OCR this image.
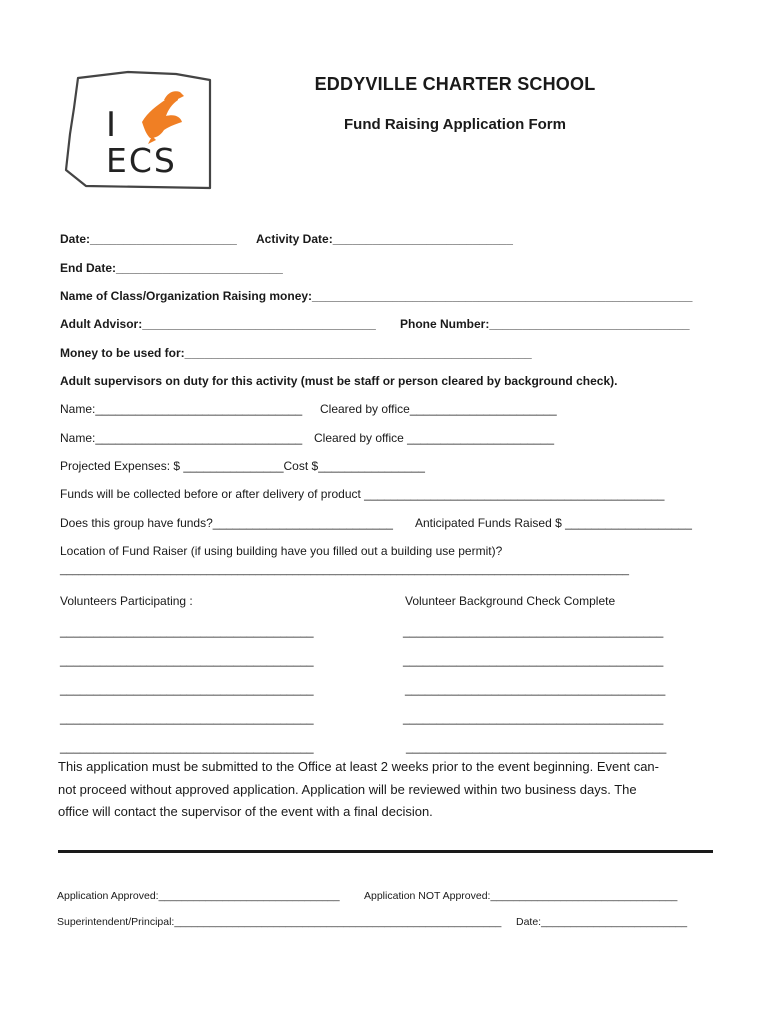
I
ECS
EDDYVILLE CHARTER SCHOOL
Fund Raising Application Form
Date:______________________ Activity Date:___________________________
End Date:_________________________
Name of Class/Organization Raising money:_________________________________________________________
Adult Advisor:___________________________________ Phone Number:______________________________
Money to be used for:____________________________________________________
Adult supervisors on duty for this activity (must be staff or person cleared by background check).
Name:_______________________________ Cleared by office______________________
Name:_______________________________ Cleared by office ______________________
Projected Expenses: $ _______________Cost $________________
Funds will be collected before or after delivery of product _____________________________________________
Does this group have funds?___________________________ Anticipated Funds Raised $ ___________________
Location of Fund Raiser (if using building have you filled out a building use permit)?
_____________________________________________________________________________________________
Volunteers Participating :	Volunteer Background Check Complete
______________________________________
______________________________________
______________________________________
______________________________________
______________________________________
_______________________________________
_______________________________________
_______________________________________
_______________________________________
_______________________________________
This application must be submitted to the Office at least 2 weeks prior to the event beginning. Event can-
not proceed without approved application. Application will be reviewed within two business days. The
office will contact the supervisor of the event with a final decision.
Application Approved:_______________________________ Application NOT Approved:________________________________
Superintendent/Principal:________________________________________________________ Date:_________________________
